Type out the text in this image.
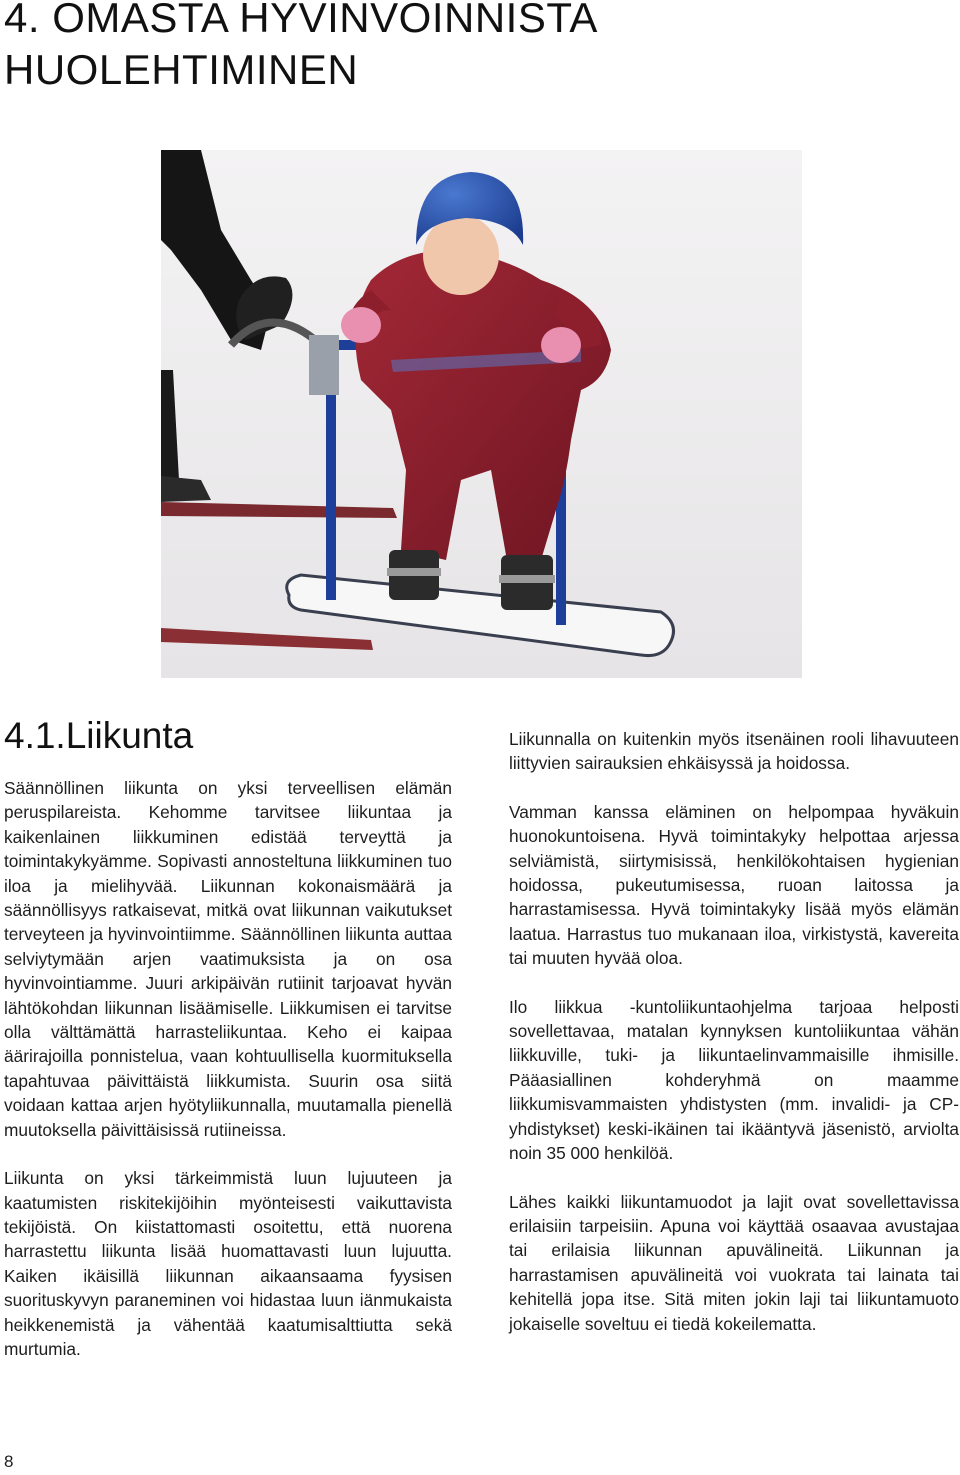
4. OMASTA HYVINVOINNISTA
HUOLEHTIMINEN
4.1.Liikunta

Säännöllinen liikunta on yksi terveellisen elämän peruspilareista. Kehomme tarvitsee liikuntaa ja kaikenlainen liikkuminen edistää terveyttä ja toimintakykyämme. Sopivasti annosteltuna liikkuminen tuo iloa ja mielihyvää. Liikunnan kokonaismäärä ja säännöllisyys ratkaisevat, mitkä ovat liikunnan vaikutukset terveyteen ja hyvinvointiimme. Säännöllinen liikunta auttaa selviytymään arjen vaatimuksista ja on osa hyvinvointiamme. Juuri arkipäivän rutiinit tarjoavat hyvän lähtökohdan liikunnan lisäämiselle. Liikkumisen ei tarvitse olla välttämättä harrasteliikuntaa. Keho ei kaipaa äärirajoilla ponnistelua, vaan kohtuullisella kuormituksella tapahtuvaa päivittäistä liikkumista. Suurin osa siitä voidaan kattaa arjen hyötyliikunnalla, muutamalla pienellä muutoksella päivittäisissä rutiineissa.

Liikunta on yksi tärkeimmistä luun lujuuteen ja kaatumisten riskitekijöihin myönteisesti vaikuttavista tekijöistä. On kiistattomasti osoitettu, että nuorena harrastettu liikunta lisää huomattavasti luun lujuutta. Kaiken ikäisillä liikunnan aikaansaama fyysisen suorituskyvyn paraneminen voi hidastaa luun iänmukaista heikkenemistä ja vähentää kaatumisalttiutta sekä murtumia.

Liikunnalla on kuitenkin myös itsenäinen rooli lihavuuteen liittyvien sairauksien ehkäisyssä ja hoidossa.

Vamman kanssa eläminen on helpompaa hyväkuin huonokuntoisena. Hyvä toimintakyky helpottaa arjessa selviämistä, siirtymisissä, henkilökohtaisen hygienian hoidossa, pukeutumisessa, ruoan laitossa ja harrastamisessa. Hyvä toimintakyky lisää myös elämän laatua. Harrastus tuo mukanaan iloa, virkistystä, kavereita tai muuten hyvää oloa.

Ilo liikkua -kuntoliikuntaohjelma tarjoaa helposti sovellettavaa, matalan kynnyksen kuntoliikuntaa vähän liikkuville, tuki- ja liikuntaelinvammaisille ihmisille. Pääasiallinen kohderyhmä on maamme liikkumisvammaisten yhdistysten (mm. invalidi- ja CP-yhdistykset) keski-ikäinen tai ikääntyvä jäsenistö, arviolta noin 35 000 henkilöä.

Lähes kaikki liikuntamuodot ja lajit ovat sovellettavissa erilaisiin tarpeisiin. Apuna voi käyttää osaavaa avustajaa tai erilaisia liikunnan apuvälineitä. Liikunnan ja harrastamisen apuvälineitä voi vuokrata tai lainata tai kehitellä jopa itse. Sitä miten jokin laji tai liikuntamuoto jokaiselle soveltuu ei tiedä kokeilematta.

8
